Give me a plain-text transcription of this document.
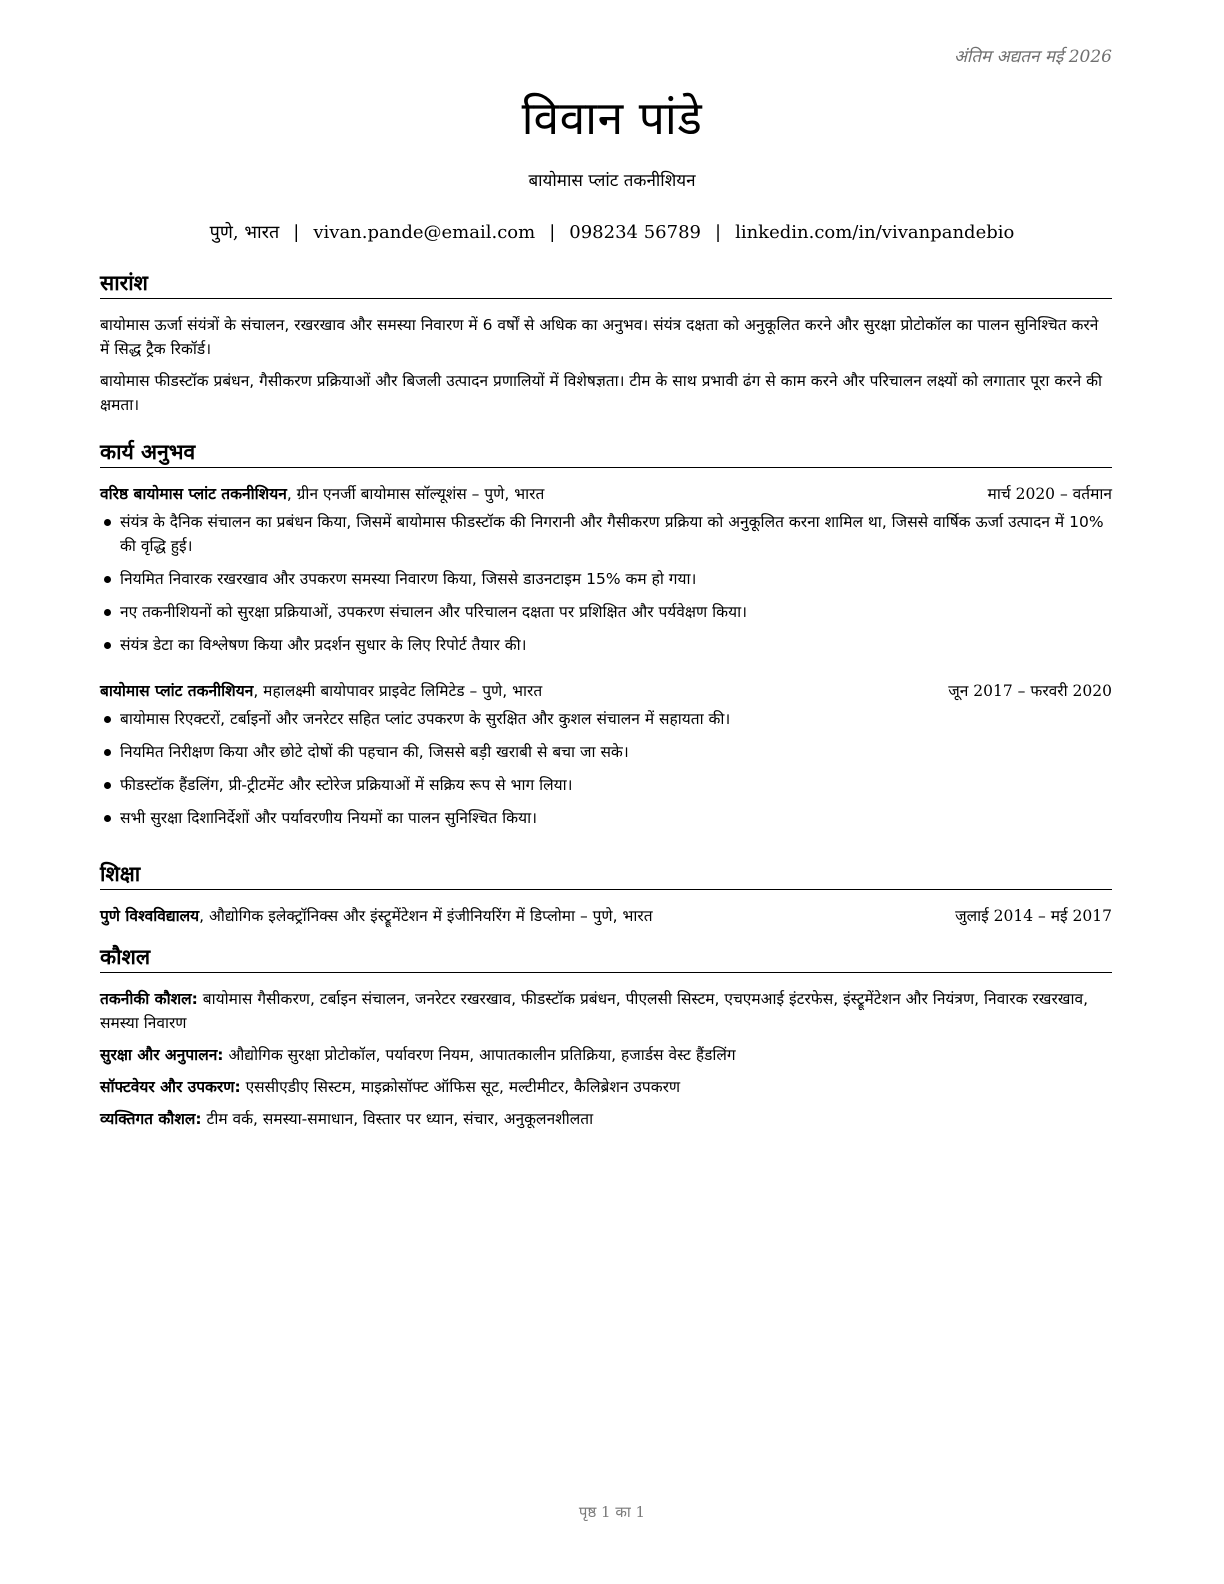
अंतिम अद्यतन मई 2026
विवान पांडे
बायोमास प्लांट तकनीशियन
पुणे, भारत | vivan.pande@email.com | 098234 56789 | linkedin.com/in/vivanpandebio
सारांश

बायोमास ऊर्जा संयंत्रों के संचालन, रखरखाव और समस्या निवारण में 6 वर्षों से अधिक का अनुभव। संयंत्र दक्षता को अनुकूलित करने और सुरक्षा प्रोटोकॉल का पालन सुनिश्चित करने में सिद्ध ट्रैक रिकॉर्ड।

बायोमास फीडस्टॉक प्रबंधन, गैसीकरण प्रक्रियाओं और बिजली उत्पादन प्रणालियों में विशेषज्ञता। टीम के साथ प्रभावी ढंग से काम करने और परिचालन लक्ष्यों को लगातार पूरा करने की क्षमता।

कार्य अनुभव
वरिष्ठ बायोमास प्लांट तकनीशियन, ग्रीन एनर्जी बायोमास सॉल्यूशंस – पुणे, भारत	मार्च 2020 – वर्तमान
संयंत्र के दैनिक संचालन का प्रबंधन किया, जिसमें बायोमास फीडस्टॉक की निगरानी और गैसीकरण प्रक्रिया को अनुकूलित करना शामिल था, जिससे वार्षिक ऊर्जा उत्पादन में 10% की वृद्धि हुई।
नियमित निवारक रखरखाव और उपकरण समस्या निवारण किया, जिससे डाउनटाइम 15% कम हो गया।
नए तकनीशियनों को सुरक्षा प्रक्रियाओं, उपकरण संचालन और परिचालन दक्षता पर प्रशिक्षित और पर्यवेक्षण किया।
संयंत्र डेटा का विश्लेषण किया और प्रदर्शन सुधार के लिए रिपोर्ट तैयार की।
बायोमास प्लांट तकनीशियन, महालक्ष्मी बायोपावर प्राइवेट लिमिटेड – पुणे, भारत	जून 2017 – फरवरी 2020
बायोमास रिएक्टरों, टर्बाइनों और जनरेटर सहित प्लांट उपकरण के सुरक्षित और कुशल संचालन में सहायता की।
नियमित निरीक्षण किया और छोटे दोषों की पहचान की, जिससे बड़ी खराबी से बचा जा सके।
फीडस्टॉक हैंडलिंग, प्री-ट्रीटमेंट और स्टोरेज प्रक्रियाओं में सक्रिय रूप से भाग लिया।
सभी सुरक्षा दिशानिर्देशों और पर्यावरणीय नियमों का पालन सुनिश्चित किया।
शिक्षा
पुणे विश्वविद्यालय, औद्योगिक इलेक्ट्रॉनिक्स और इंस्ट्रूमेंटेशन में इंजीनियरिंग में डिप्लोमा – पुणे, भारत	जुलाई 2014 – मई 2017
कौशल

तकनीकी कौशल: बायोमास गैसीकरण, टर्बाइन संचालन, जनरेटर रखरखाव, फीडस्टॉक प्रबंधन, पीएलसी सिस्टम, एचएमआई इंटरफेस, इंस्ट्रूमेंटेशन और नियंत्रण, निवारक रखरखाव, समस्या निवारण

सुरक्षा और अनुपालन: औद्योगिक सुरक्षा प्रोटोकॉल, पर्यावरण नियम, आपातकालीन प्रतिक्रिया, हजार्डस वेस्ट हैंडलिंग

सॉफ्टवेयर और उपकरण: एससीएडीए सिस्टम, माइक्रोसॉफ्ट ऑफिस सूट, मल्टीमीटर, कैलिब्रेशन उपकरण

व्यक्तिगत कौशल: टीम वर्क, समस्या-समाधान, विस्तार पर ध्यान, संचार, अनुकूलनशीलता

पृष्ठ 1 का 1
